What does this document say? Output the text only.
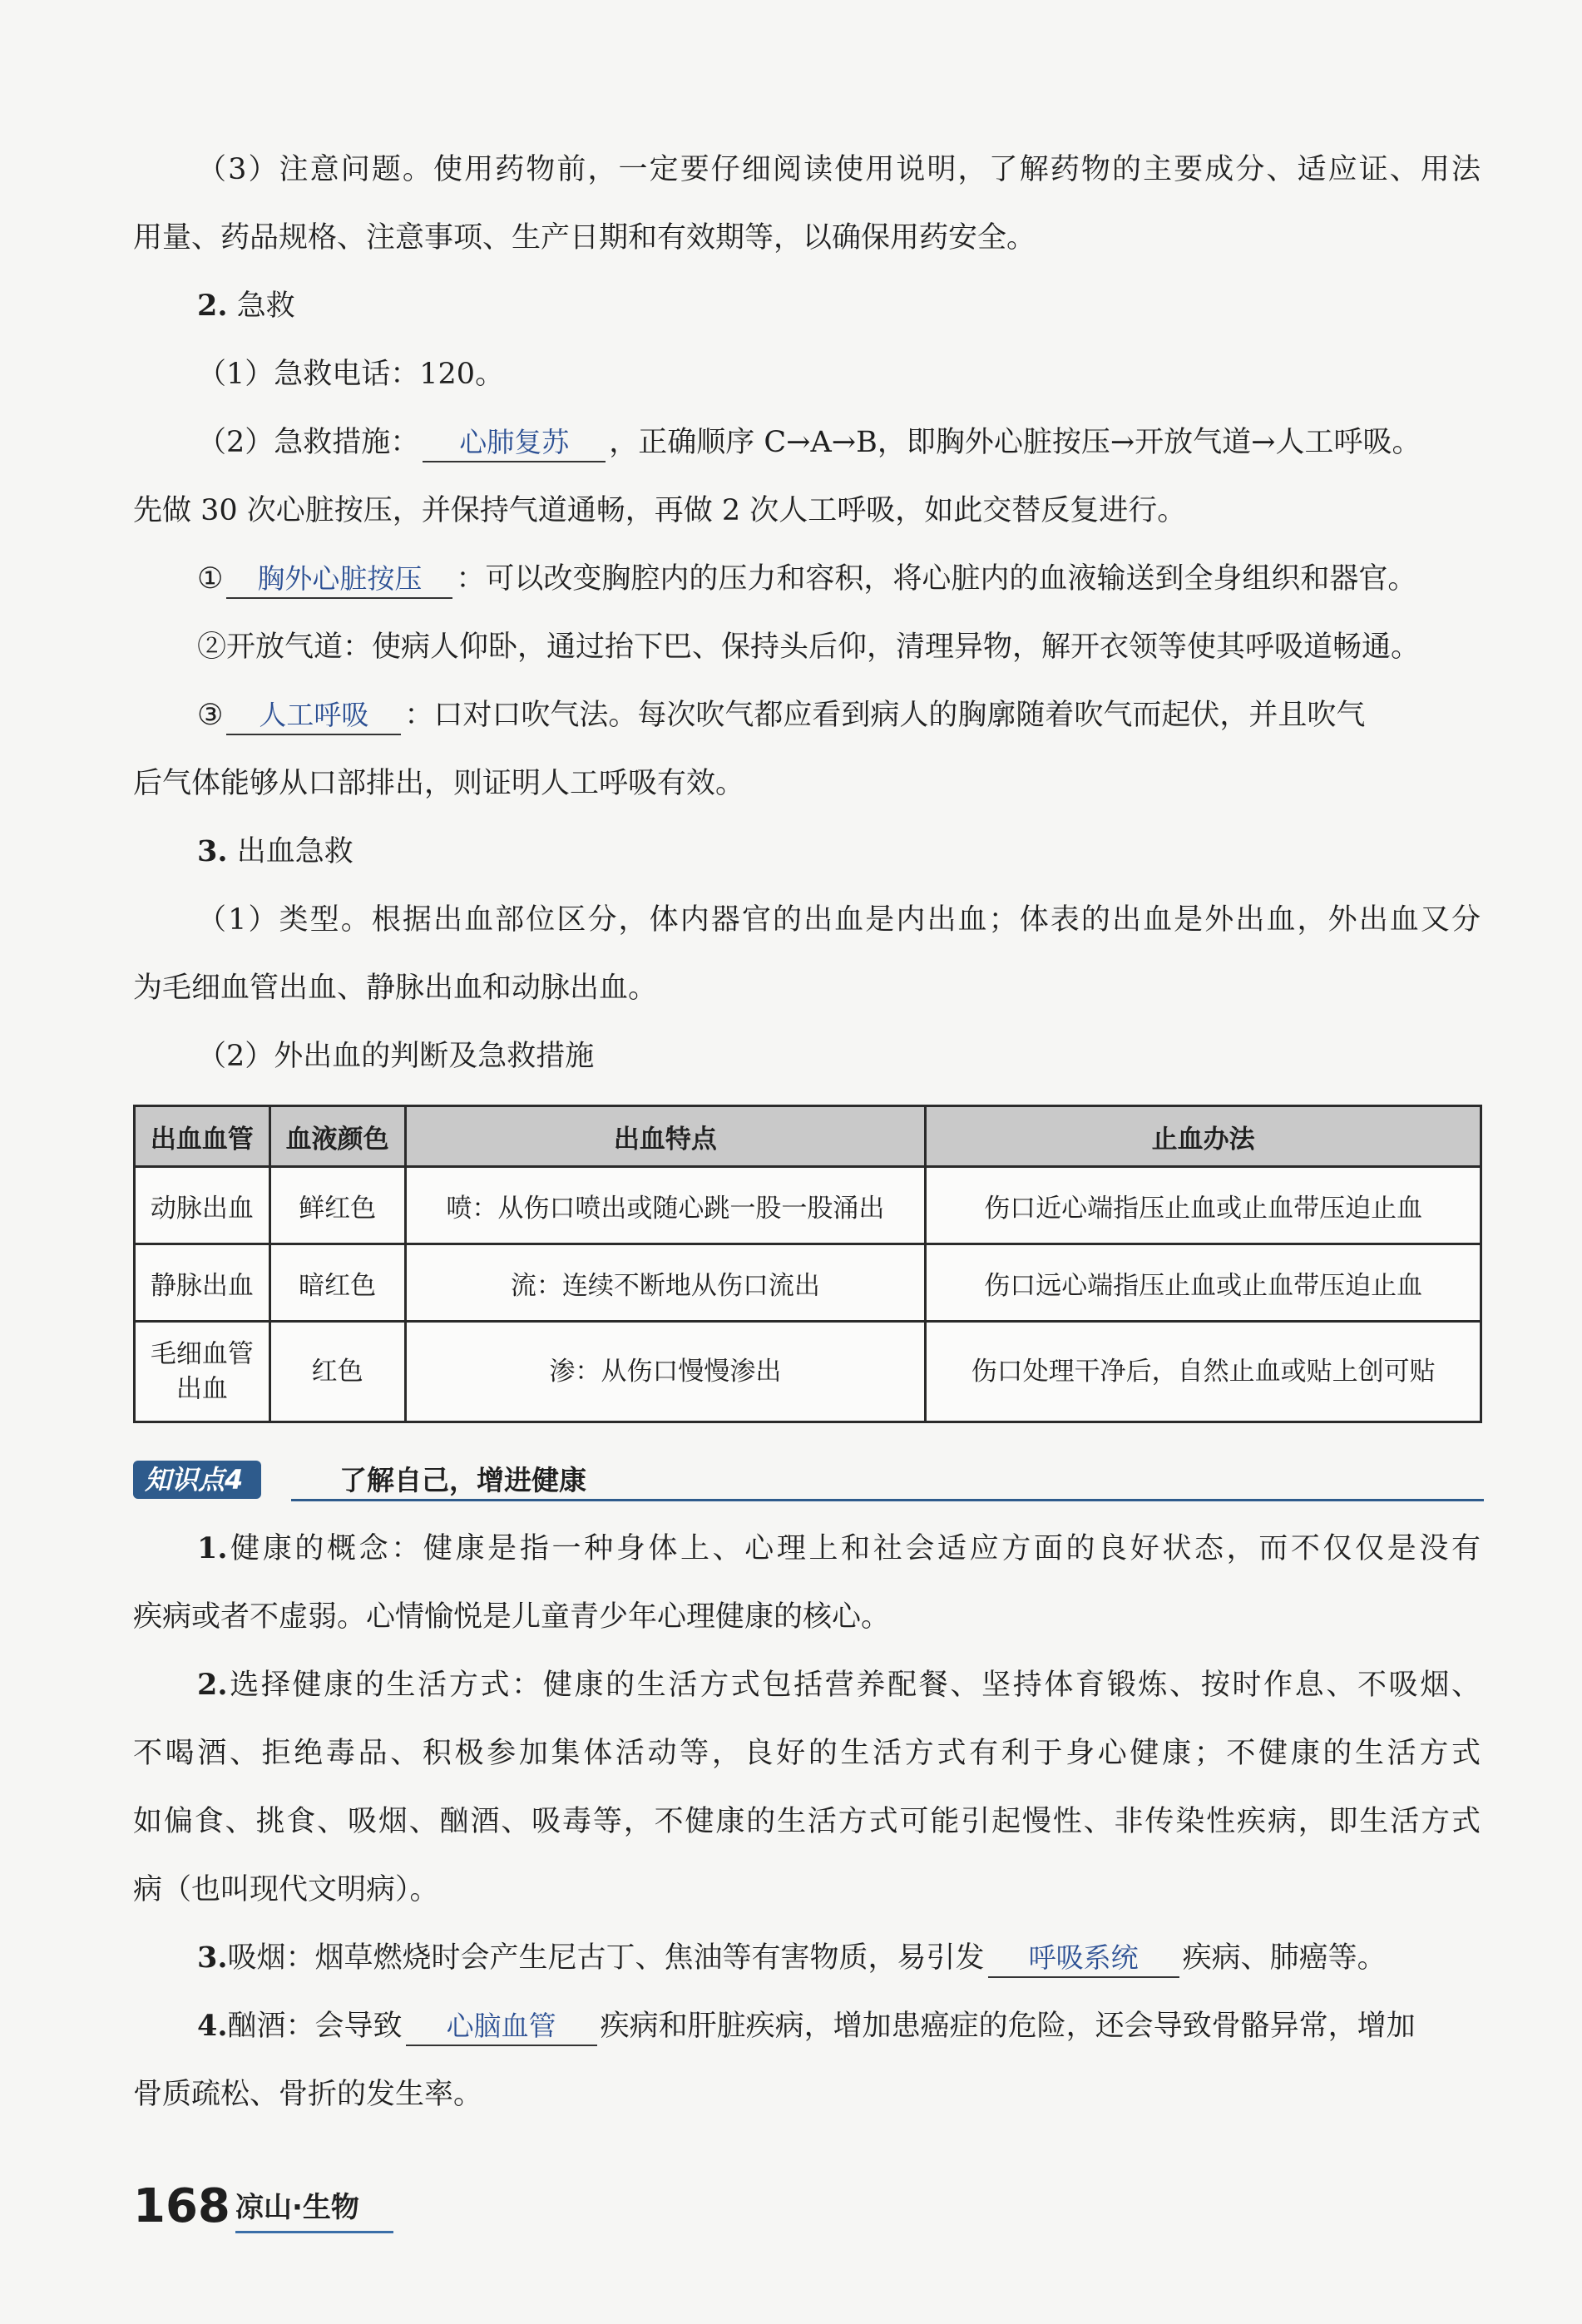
（3）注意问题。使用药物前，一定要仔细阅读使用说明，了解药物的主要成分、适应证、用法
用量、药品规格、注意事项、生产日期和有效期等，以确保用药安全。
2. 急救
（1）急救电话：120。
（2）急救措施： 心肺复苏 ，正确顺序 C→A→B，即胸外心脏按压→开放气道→人工呼吸。
先做 30 次心脏按压，并保持气道通畅，再做 2 次人工呼吸，如此交替反复进行。
① 胸外心脏按压 ：可以改变胸腔内的压力和容积，将心脏内的血液输送到全身组织和器官。
②开放气道：使病人仰卧，通过抬下巴、保持头后仰，清理异物，解开衣领等使其呼吸道畅通。
③ 人工呼吸 ：口对口吹气法。每次吹气都应看到病人的胸廓随着吹气而起伏，并且吹气
后气体能够从口部排出，则证明人工呼吸有效。
3. 出血急救
（1）类型。根据出血部位区分，体内器官的出血是内出血；体表的出血是外出血，外出血又分
为毛细血管出血、静脉出血和动脉出血。
（2）外出血的判断及急救措施
出血血管	血液颜色	出血特点	止血办法
动脉出血	鲜红色	喷：从伤口喷出或随心跳一股一股涌出	伤口近心端指压止血或止血带压迫止血
静脉出血	暗红色	流：连续不断地从伤口流出	伤口远心端指压止血或止血带压迫止血
毛细血管出血	红色	渗：从伤口慢慢渗出	伤口处理干净后，自然止血或贴上创可贴
知识点4	了解自己，增进健康
1.健康的概念：健康是指一种身体上、心理上和社会适应方面的良好状态，而不仅仅是没有
疾病或者不虚弱。心情愉悦是儿童青少年心理健康的核心。
2.选择健康的生活方式：健康的生活方式包括营养配餐、坚持体育锻炼、按时作息、不吸烟、
不喝酒、拒绝毒品、积极参加集体活动等，良好的生活方式有利于身心健康；不健康的生活方式
如偏食、挑食、吸烟、酗酒、吸毒等，不健康的生活方式可能引起慢性、非传染性疾病，即生活方式
病（也叫现代文明病）。
3.吸烟：烟草燃烧时会产生尼古丁、焦油等有害物质，易引发 呼吸系统 疾病、肺癌等。
4.酗酒：会导致 心脑血管 疾病和肝脏疾病，增加患癌症的危险，还会导致骨骼异常，增加
骨质疏松、骨折的发生率。
168 凉山·生物
